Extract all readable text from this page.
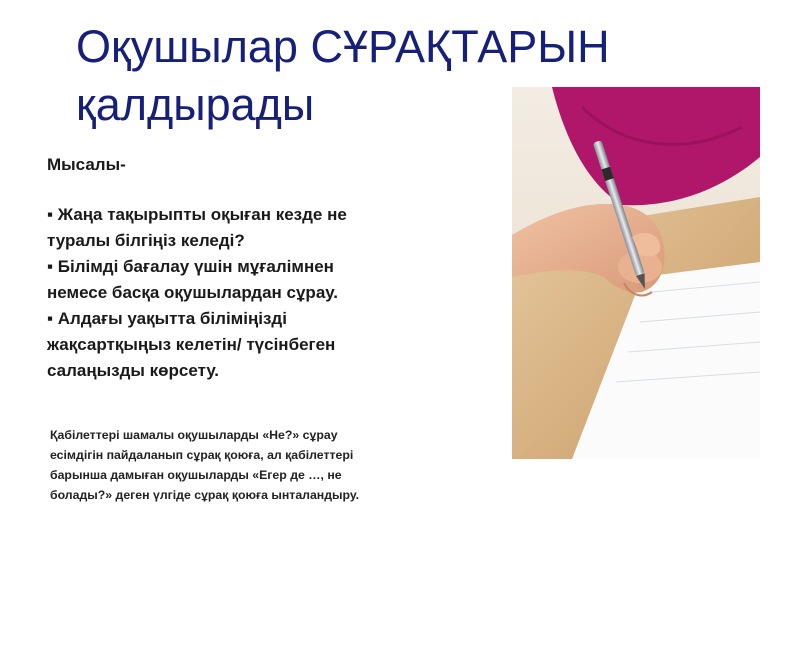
Оқушылар СҰРАҚТАРЫН
қалдырады
Мысалы-
▪ Жаңа тақырыпты оқыған кезде не
туралы білгіңіз келеді?
▪ Білімді бағалау үшін мұғалімнен
немесе басқа оқушылардан сұрау.
▪ Алдағы уақытта біліміңізді
жақсартқыңыз келетін/ түсінбеген
салаңызды көрсету.
Қабілеттері шамалы оқушыларды «Не?» сұрау
есімдігін пайдаланып сұрақ қоюға, ал қабілеттері
барынша дамыған оқушыларды «Егер де …, не
болады?» деген үлгіде сұрақ қоюға ынталандыру.
